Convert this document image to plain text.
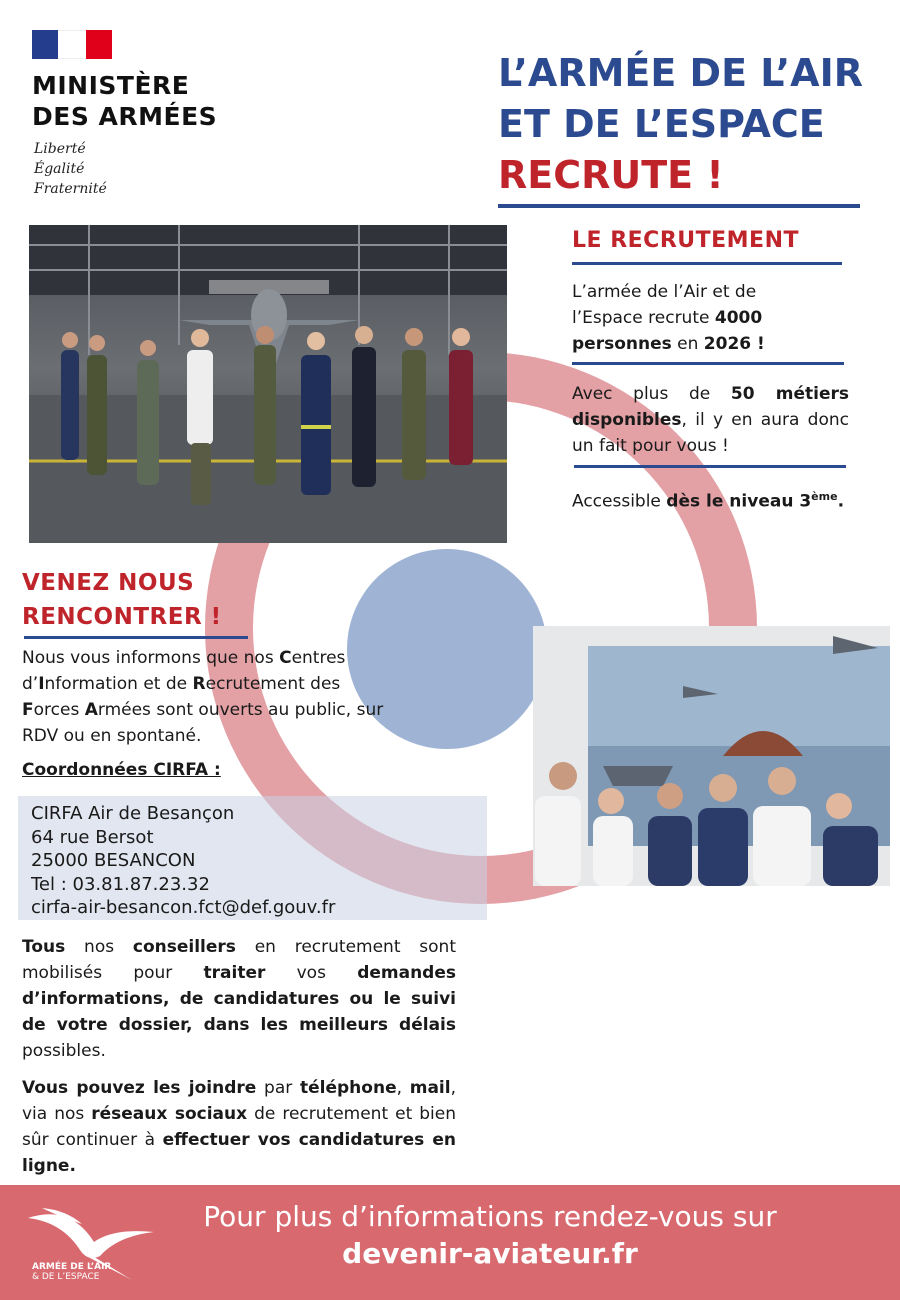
MINISTÈRE
DES ARMÉES
Liberté
Égalité
Fraternité
L’ARMÉE DE L’AIR
ET DE L’ESPACE
RECRUTE !
LE RECRUTEMENT
L’armée de l’Air et de l’Espace recrute 4000 personnes en 2026 !
Avec plus de 50 métiers disponibles, il y en aura donc un fait pour vous !
Accessible dès le niveau 3ème.
VENEZ NOUS
RENCONTRER !
Nous vous informons que nos Centres d’Information et de Recrutement des Forces Armées sont ouverts au public, sur RDV ou en spontané.
Coordonnées CIRFA :
CIRFA Air de Besançon
64 rue Bersot
25000 BESANCON
Tel : 03.81.87.23.32
cirfa-air-besancon.fct@def.gouv.fr
Tous nos conseillers en recrutement sont mobilisés pour traiter vos demandes d’informations, de candidatures ou le suivi de votre dossier, dans les meilleurs délais possibles.
Vous pouvez les joindre par téléphone, mail, via nos réseaux sociaux de recrutement et bien sûr continuer à effectuer vos candidatures en ligne.
ARMÉE DE L’AIR
& DE L’ESPACE
Pour plus d’informations rendez-vous sur
devenir-aviateur.fr
